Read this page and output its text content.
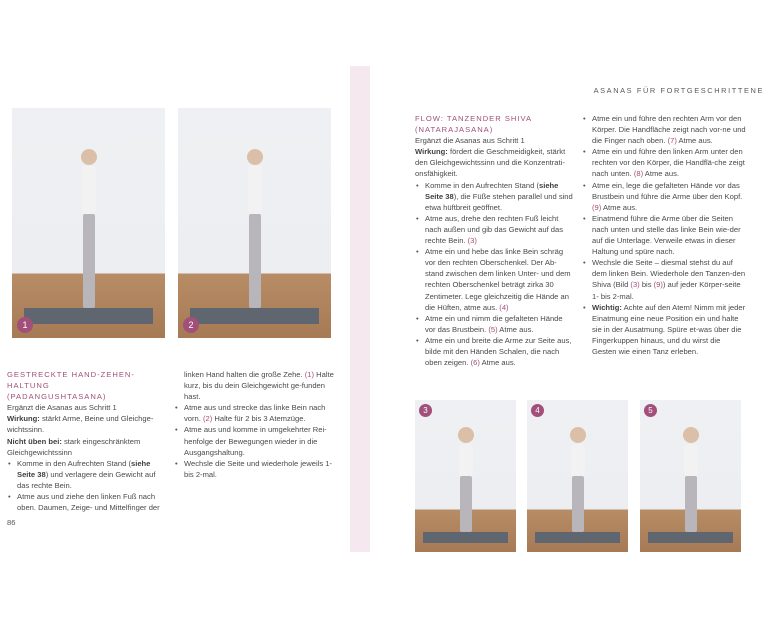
1	2

GESTRECKTE HAND-ZEHEN-HALTUNG

(PADANGUSHTASANA)

Ergänzt die Asanas aus Schritt 1

Wirkung: stärkt Arme, Beine und Gleichge-wichtssinn.

Nicht üben bei: stark eingeschränktem Gleichgewichtssinn

• Komme in den Aufrechten Stand (siehe Seite 38) und verlagere dein Gewicht auf das rechte Bein.
• Atme aus und ziehe den linken Fuß nach oben. Daumen, Zeige- und Mittelfinger der

linken Hand halten die große Zehe. (1) Halte kurz, bis du dein Gleichgewicht ge-funden hast.

• Atme aus und strecke das linke Bein nach vorn. (2) Halte für 2 bis 3 Atemzüge.
• Atme aus und komme in umgekehrter Rei-henfolge der Bewegungen wieder in die Ausgangshaltung.
• Wechsle die Seite und wiederhole jeweils 1- bis 2-mal.
86
ASANAS FÜR FORTGESCHRITTENE

FLOW: TANZENDER SHIVA

(NATARAJASANA)

Ergänzt die Asanas aus Schritt 1

Wirkung: fördert die Geschmeidigkeit, stärkt den Gleichgewichtssinn und die Konzentrati-onsfähigkeit.

• Komme in den Aufrechten Stand (siehe Seite 38), die Füße stehen parallel und sind etwa hüftbreit geöffnet.
• Atme aus, drehe den rechten Fuß leicht nach außen und gib das Gewicht auf das rechte Bein. (3)
• Atme ein und hebe das linke Bein schräg vor den rechten Oberschenkel. Der Ab-stand zwischen dem linken Unter- und dem rechten Oberschenkel beträgt zirka 30 Zentimeter. Lege gleichzeitig die Hände an die Hüften, atme aus. (4)
• Atme ein und nimm die gefalteten Hände vor das Brustbein. (5) Atme aus.
• Atme ein und breite die Arme zur Seite aus, bilde mit den Händen Schalen, die nach oben zeigen. (6) Atme aus.
• Atme ein und führe den rechten Arm vor den Körper. Die Handfläche zeigt nach vor-ne und die Finger nach oben. (7) Atme aus.
• Atme ein und führe den linken Arm unter den rechten vor den Körper, die Handflä-che zeigt nach unten. (8) Atme aus.
• Atme ein, lege die gefalteten Hände vor das Brustbein und führe die Arme über den Kopf. (9) Atme aus.
• Einatmend führe die Arme über die Seiten nach unten und stelle das linke Bein wie-der auf die Unterlage. Verweile etwas in dieser Haltung und spüre nach.
• Wechsle die Seite – diesmal stehst du auf dem linken Bein. Wiederhole den Tanzen-den Shiva (Bild (3) bis (9)) auf jeder Körper-seite 1- bis 2-mal.
• Wichtig: Achte auf den Atem! Nimm mit jeder Einatmung eine neue Position ein und halte sie in der Ausatmung. Spüre et-was über die Fingerkuppen hinaus, und du wirst die Gesten wie einen Tanz erleben.
3	4	5
